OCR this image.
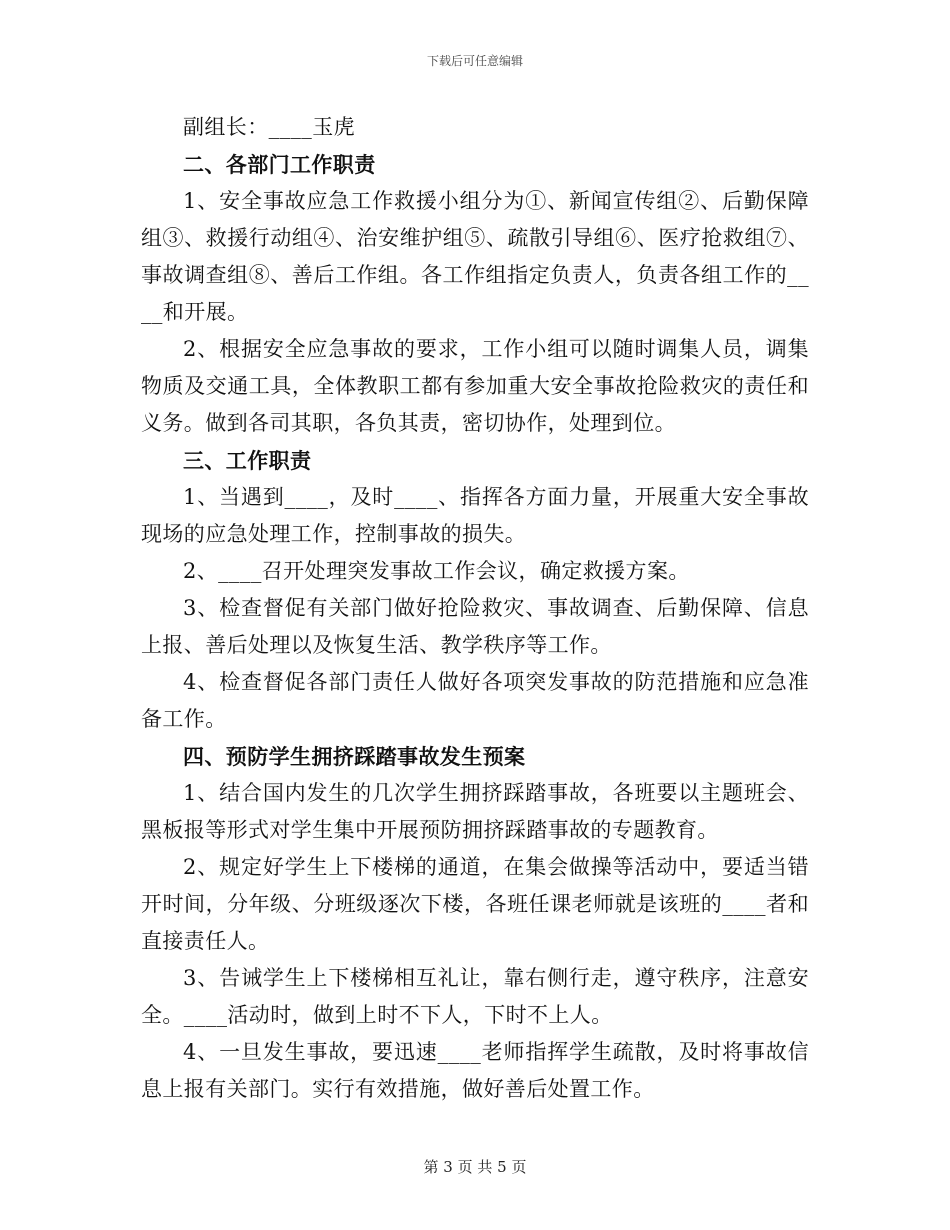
下载后可任意编辑

副组长：____玉虎

二、各部门工作职责

1、安全事故应急工作救援小组分为①、新闻宣传组②、后勤保障组③、救援行动组④、治安维护组⑤、疏散引导组⑥、医疗抢救组⑦、事故调查组⑧、善后工作组。各工作组指定负责人，负责各组工作的____和开展。

2、根据安全应急事故的要求，工作小组可以随时调集人员，调集物质及交通工具，全体教职工都有参加重大安全事故抢险救灾的责任和义务。做到各司其职，各负其责，密切协作，处理到位。

三、工作职责

1、当遇到____，及时____、指挥各方面力量，开展重大安全事故现场的应急处理工作，控制事故的损失。

2、____召开处理突发事故工作会议，确定救援方案。

3、检查督促有关部门做好抢险救灾、事故调查、后勤保障、信息上报、善后处理以及恢复生活、教学秩序等工作。

4、检查督促各部门责任人做好各项突发事故的防范措施和应急准备工作。

四、预防学生拥挤踩踏事故发生预案

1、结合国内发生的几次学生拥挤踩踏事故，各班要以主题班会、黑板报等形式对学生集中开展预防拥挤踩踏事故的专题教育。

2、规定好学生上下楼梯的通道，在集会做操等活动中，要适当错开时间，分年级、分班级逐次下楼，各班任课老师就是该班的____者和直接责任人。

3、告诫学生上下楼梯相互礼让，靠右侧行走，遵守秩序，注意安全。____活动时，做到上时不下人，下时不上人。

4、一旦发生事故，要迅速____老师指挥学生疏散，及时将事故信息上报有关部门。实行有效措施，做好善后处置工作。

第 3 页 共 5 页
